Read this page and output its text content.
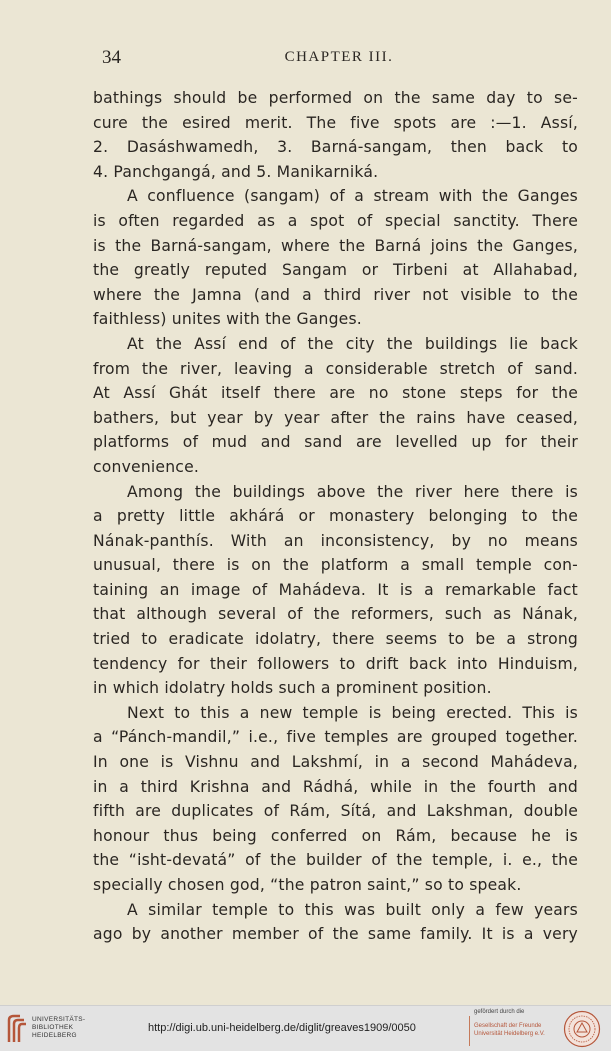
34	CHAPTER III.

bathings should be performed on the same day to se-

cure the esired merit. The five spots are :—1. Assí,

2. Dasáshwamedh, 3. Barná-sangam, then back to

4. Panchgangá, and 5. Manikarniká.

A confluence (sangam) of a stream with the Ganges

is often regarded as a spot of special sanctity. There

is the Barná-sangam, where the Barná joins the Ganges,

the greatly reputed Sangam or Tirbeni at Allahabad,

where the Jamna (and a third river not visible to the

faithless) unites with the Ganges.

At the Assí end of the city the buildings lie back

from the river, leaving a considerable stretch of sand.

At Assí Ghát itself there are no stone steps for the

bathers, but year by year after the rains have ceased,

platforms of mud and sand are levelled up for their

convenience.

Among the buildings above the river here there is

a pretty little akhárá or monastery belonging to the

Nának-panthís. With an inconsistency, by no means

unusual, there is on the platform a small temple con-

taining an image of Mahádeva. It is a remarkable fact

that although several of the reformers, such as Nának,

tried to eradicate idolatry, there seems to be a strong

tendency for their followers to drift back into Hinduism,

in which idolatry holds such a prominent position.

Next to this a new temple is being erected. This is

a “Pánch-mandil,” i.e., five temples are grouped together.

In one is Vishnu and Lakshmí, in a second Mahádeva,

in a third Krishna and Rádhá, while in the fourth and

fifth are duplicates of Rám, Sítá, and Lakshman, double

honour thus being conferred on Rám, because he is

the “isht-devatá” of the builder of the temple, i. e., the

specially chosen god, “the patron saint,” so to speak.

A similar temple to this was built only a few years

ago by another member of the same family. It is a very

UNIVERSITÄTS-
BIBLIOTHEK
HEIDELBERG
http://digi.ub.uni-heidelberg.de/diglit/greaves1909/0050
gefördert durch die
Gesellschaft der Freunde
Universität Heidelberg e.V.
